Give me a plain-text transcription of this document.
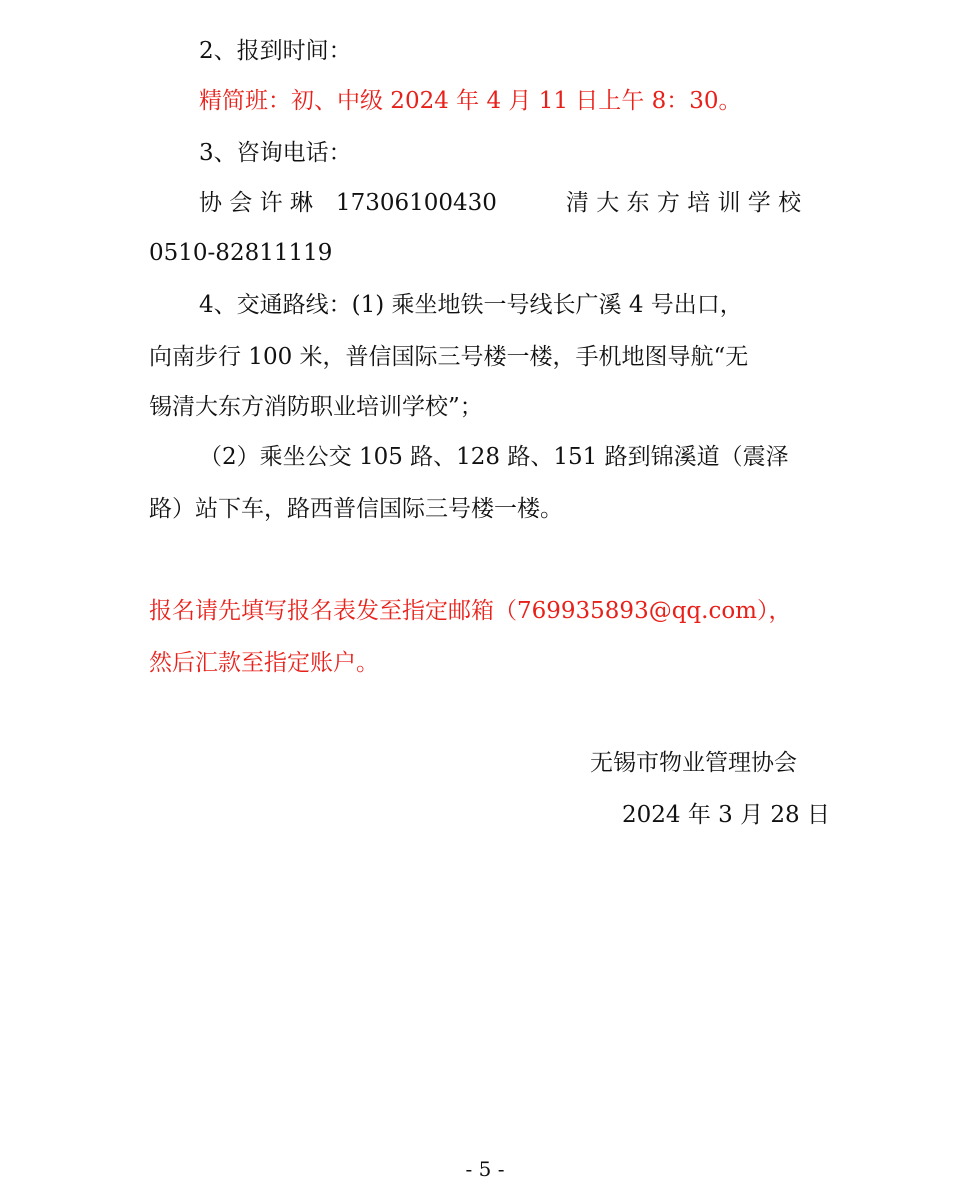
2、报到时间：
精简班：初、中级 2024 年 4 月 11 日上午 8：30。
3、咨询电话：
协 会 许 琳　17306100430　　　清 大 东 方 培 训 学 校
0510-82811119
4、交通路线：(1) 乘坐地铁一号线长广溪 4 号出口，
向南步行 100 米，普信国际三号楼一楼，手机地图导航“无
锡清大东方消防职业培训学校”；
（2）乘坐公交 105 路、128 路、151 路到锦溪道（震泽
路）站下车，路西普信国际三号楼一楼。
报名请先填写报名表发至指定邮箱（769935893@qq.com），
然后汇款至指定账户。
无锡市物业管理协会
2024 年 3 月 28 日
- 5 -
